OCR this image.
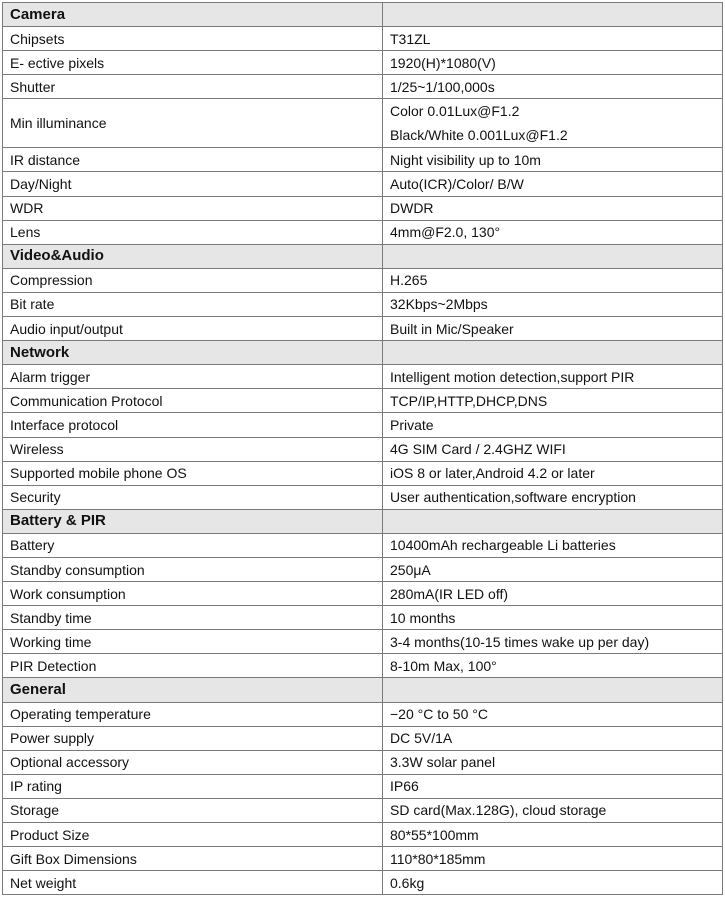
Camera	
Chipsets	T31ZL
E- ective pixels	1920(H)*1080(V)
Shutter	1/25~1/100,000s
Min illuminance	Color 0.01Lux@F1.2
Black/White 0.001Lux@F1.2

IR distance	Night visibility up to 10m
Day/Night	Auto(ICR)/Color/ B/W
WDR	DWDR
Lens	4mm@F2.0, 130°
Video&Audio	
Compression	H.265
Bit rate	32Kbps~2Mbps
Audio input/output	Built in Mic/Speaker
Network	
Alarm trigger	Intelligent motion detection,support PIR
Communication Protocol	TCP/IP,HTTP,DHCP,DNS
Interface protocol	Private
Wireless	4G SIM Card / 2.4GHZ WIFI
Supported mobile phone OS	iOS 8 or later,Android 4.2 or later
Security	User authentication,software encryption
Battery & PIR	
Battery	10400mAh rechargeable Li batteries
Standby consumption	250μA
Work consumption	280mA(IR LED off)
Standby time	10 months
Working time	3-4 months(10-15 times wake up per day)
PIR Detection	8-10m Max, 100°
General	
Operating temperature	−20 °C to 50 °C
Power supply	DC 5V/1A
Optional accessory	3.3W solar panel
IP rating	IP66
Storage	SD card(Max.128G), cloud storage
Product Size	80*55*100mm
Gift Box Dimensions	110*80*185mm
Net weight	0.6kg
